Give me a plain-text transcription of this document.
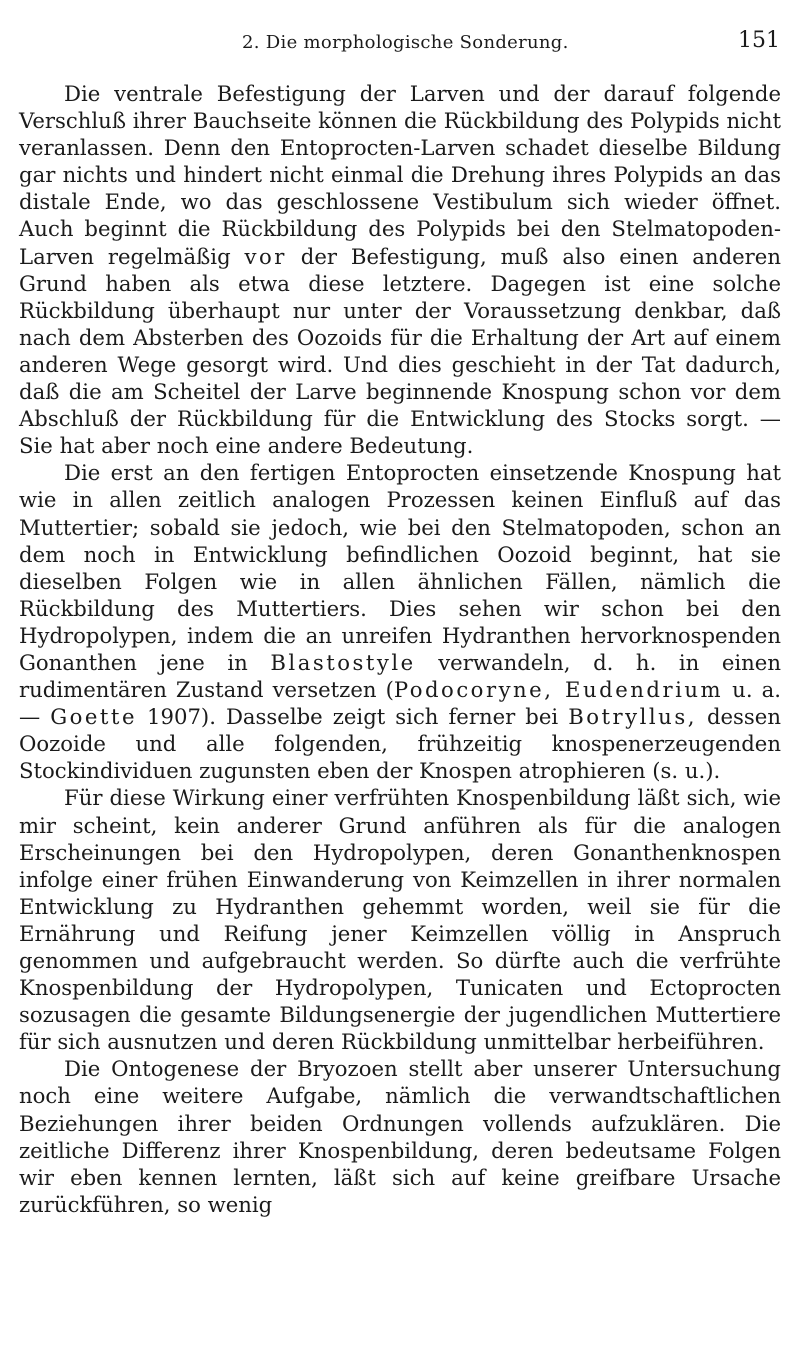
2. Die morphologische Sonderung.	151

Die ventrale Befestigung der Larven und der darauf folgende Verschluß ihrer Bauchseite können die Rückbildung des Polypids nicht veranlassen. Denn den Entoprocten-Larven schadet dieselbe Bildung gar nichts und hindert nicht einmal die Drehung ihres Polypids an das distale Ende, wo das geschlossene Vestibulum sich wieder öffnet. Auch beginnt die Rückbildung des Polypids bei den Stelmatopoden-Larven regelmäßig vor der Befestigung, muß also einen anderen Grund haben als etwa diese letztere. Dagegen ist eine solche Rückbildung überhaupt nur unter der Voraussetzung denkbar, daß nach dem Absterben des Oozoids für die Erhaltung der Art auf einem anderen Wege gesorgt wird. Und dies geschieht in der Tat dadurch, daß die am Scheitel der Larve beginnende Knospung schon vor dem Abschluß der Rückbildung für die Entwicklung des Stocks sorgt. — Sie hat aber noch eine andere Bedeutung.

Die erst an den fertigen Entoprocten einsetzende Knospung hat wie in allen zeitlich analogen Prozessen keinen Einfluß auf das Muttertier; sobald sie jedoch, wie bei den Stelmatopoden, schon an dem noch in Entwicklung befindlichen Oozoid beginnt, hat sie dieselben Folgen wie in allen ähnlichen Fällen, nämlich die Rückbildung des Muttertiers. Dies sehen wir schon bei den Hydropolypen, indem die an unreifen Hydranthen hervorknospenden Gonanthen jene in Blastostyle verwandeln, d. h. in einen rudimentären Zustand versetzen (Podocoryne, Eudendrium u. a. — Goette 1907). Dasselbe zeigt sich ferner bei Botryllus, dessen Oozoide und alle folgenden, frühzeitig knospenerzeugenden Stockindividuen zugunsten eben der Knospen atrophieren (s. u.).

Für diese Wirkung einer verfrühten Knospenbildung läßt sich, wie mir scheint, kein anderer Grund anführen als für die analogen Erscheinungen bei den Hydropolypen, deren Gonanthenknospen infolge einer frühen Einwanderung von Keimzellen in ihrer normalen Entwicklung zu Hydranthen gehemmt worden, weil sie für die Ernährung und Reifung jener Keimzellen völlig in Anspruch genommen und aufgebraucht werden. So dürfte auch die verfrühte Knospenbildung der Hydropolypen, Tunicaten und Ectoprocten sozusagen die gesamte Bildungsenergie der jugendlichen Muttertiere für sich ausnutzen und deren Rückbildung unmittelbar herbeiführen.

Die Ontogenese der Bryozoen stellt aber unserer Untersuchung noch eine weitere Aufgabe, nämlich die verwandtschaftlichen Beziehungen ihrer beiden Ordnungen vollends aufzuklären. Die zeitliche Differenz ihrer Knospenbildung, deren bedeutsame Folgen wir eben kennen lernten, läßt sich auf keine greifbare Ursache zurückführen, so wenig
